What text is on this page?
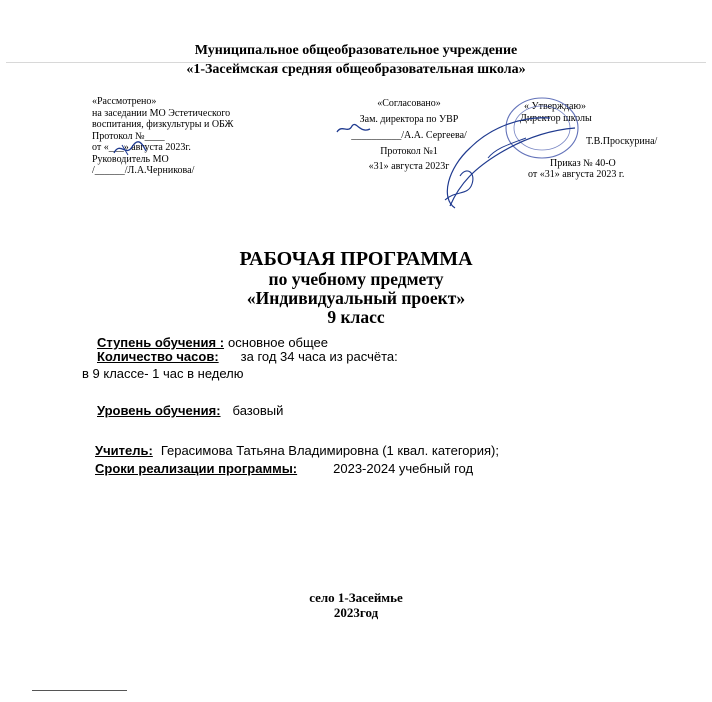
Муниципальное общеобразовательное учреждение
«1-Засеймская средняя общеобразовательная школа»
«Рассмотрено»
на заседании МО Эстетического
воспитания, физкультуры и ОБЖ
Протокол №____
от «___» августа 2023г.
Руководитель МО
/______/Л.А.Черникова/
«Согласовано»
Зам. директора по УВР
__________/А.А. Сергеева/
Протокол №1
«31» августа 2023г
« Утверждаю»
Директор школы
Т.В.Проскурина/
Приказ № 40-О
от «31» августа 2023 г.
РАБОЧАЯ ПРОГРАММА
по учебному предмету
«Индивидуальный проект»
9 класс
Ступень обучения : основное общее
Количество часов: за год 34 часа из расчёта:
в 9 классе- 1 час в неделю
Уровень обучения: базовый
Учитель: Герасимова Татьяна Владимировна (1 квал. категория);
Сроки реализации программы:	2023-2024 учебный год
село 1-Засеймье
2023год
